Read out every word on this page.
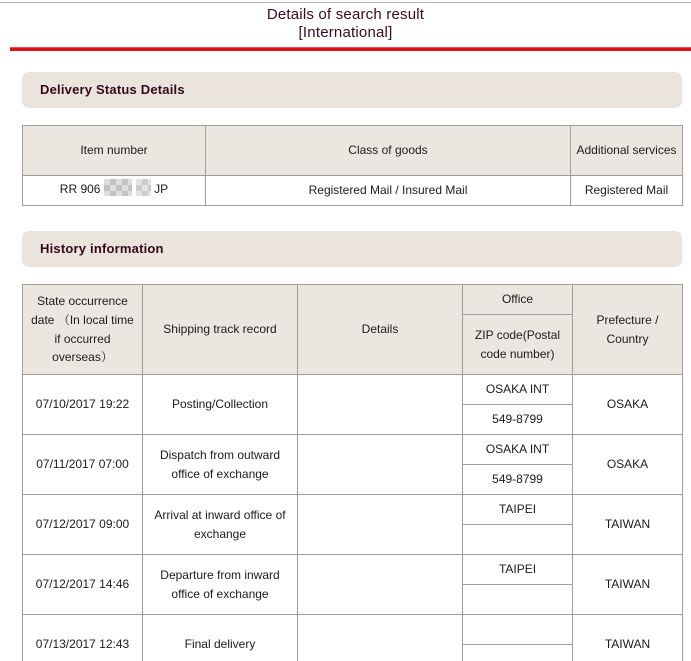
Details of search result
[International]
Delivery Status Details
Item number	Class of goods	Additional services
RR 906 JP	Registered Mail / Insured Mail	Registered Mail
History information
State occurrence date （In local time if occurred overseas）	Shipping track record	Details	Office	Prefecture / Country
			ZIP code(Postal code number)	
07/10/2017 19:22	Posting/Collection		OSAKA INT	OSAKA
			549-8799	
07/11/2017 07:00	Dispatch from outward office of exchange		OSAKA INT	OSAKA
			549-8799	
07/12/2017 09:00	Arrival at inward office of exchange		TAIPEI	TAIWAN

07/12/2017 14:46	Departure from inward office of exchange		TAIPEI	TAIWAN

07/13/2017 12:43	Final delivery			TAIWAN
